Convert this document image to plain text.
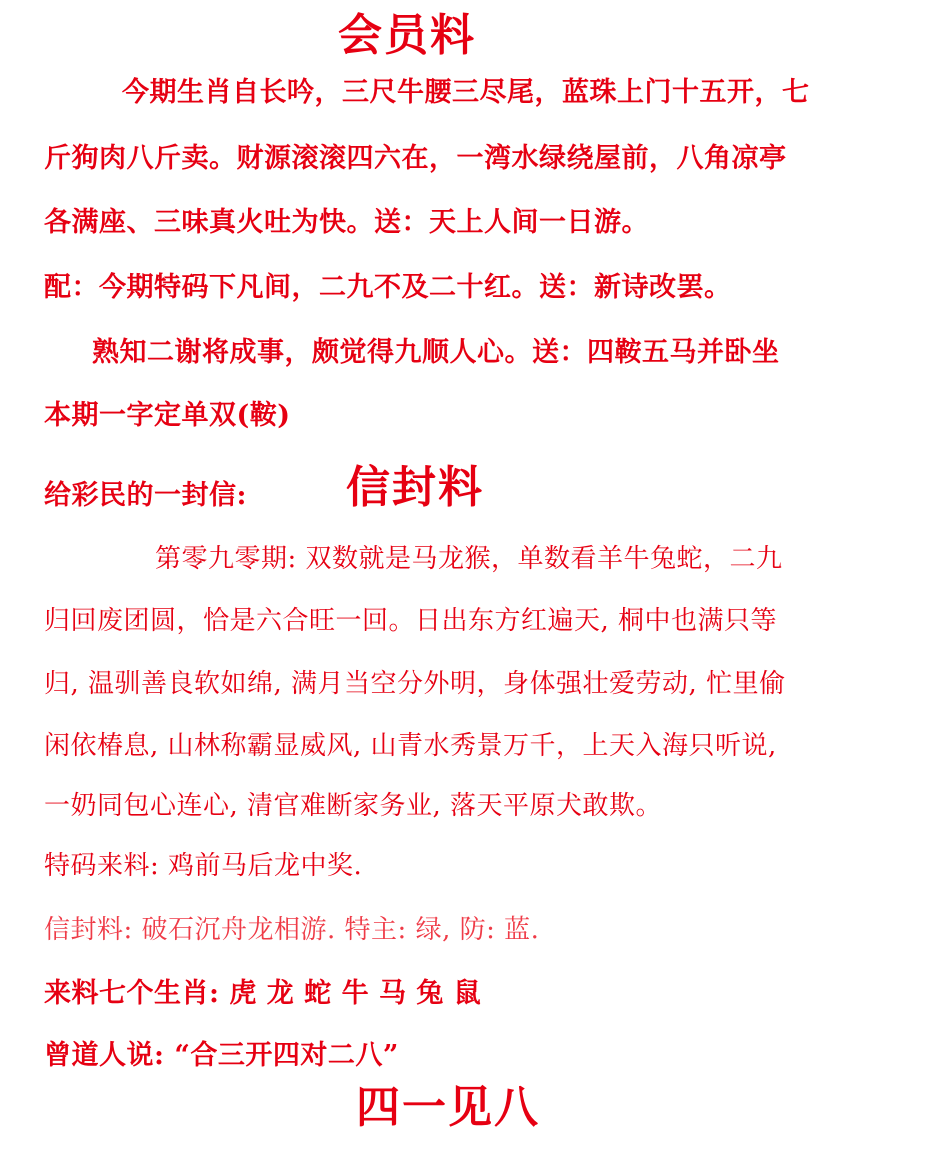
会员料
今期生肖自长吟，三尺牛腰三尽尾，蓝珠上门十五开，七
斤狗肉八斤卖。财源滚滚四六在，一湾水绿绕屋前，八角凉亭
各满座、三味真火吐为快。送：天上人间一日游。
配：今期特码下凡间，二九不及二十红。送：新诗改罢。
熟知二谢将成事，颇觉得九顺人心。送：四鞍五马并卧坐
本期一字定单双(鞍)
给彩民的一封信: 信封料
第零九零期: 双数就是马龙猴，单数看羊牛兔蛇，二九
归回废团圆，恰是六合旺一回。日出东方红遍天, 桐中也满只等
归, 温驯善良软如绵, 满月当空分外明，身体强壮爱劳动, 忙里偷
闲依椿息, 山林称霸显威风, 山青水秀景万千，上天入海只听说,
一奶同包心连心, 清官难断家务业, 落天平原犬敢欺。
特码来料: 鸡前马后龙中奖.
信封料: 破石沉舟龙相游. 特主: 绿, 防: 蓝.
来料七个生肖: 虎 龙 蛇 牛 马 兔 鼠
曾道人说: “合三开四对二八”
四一见八
